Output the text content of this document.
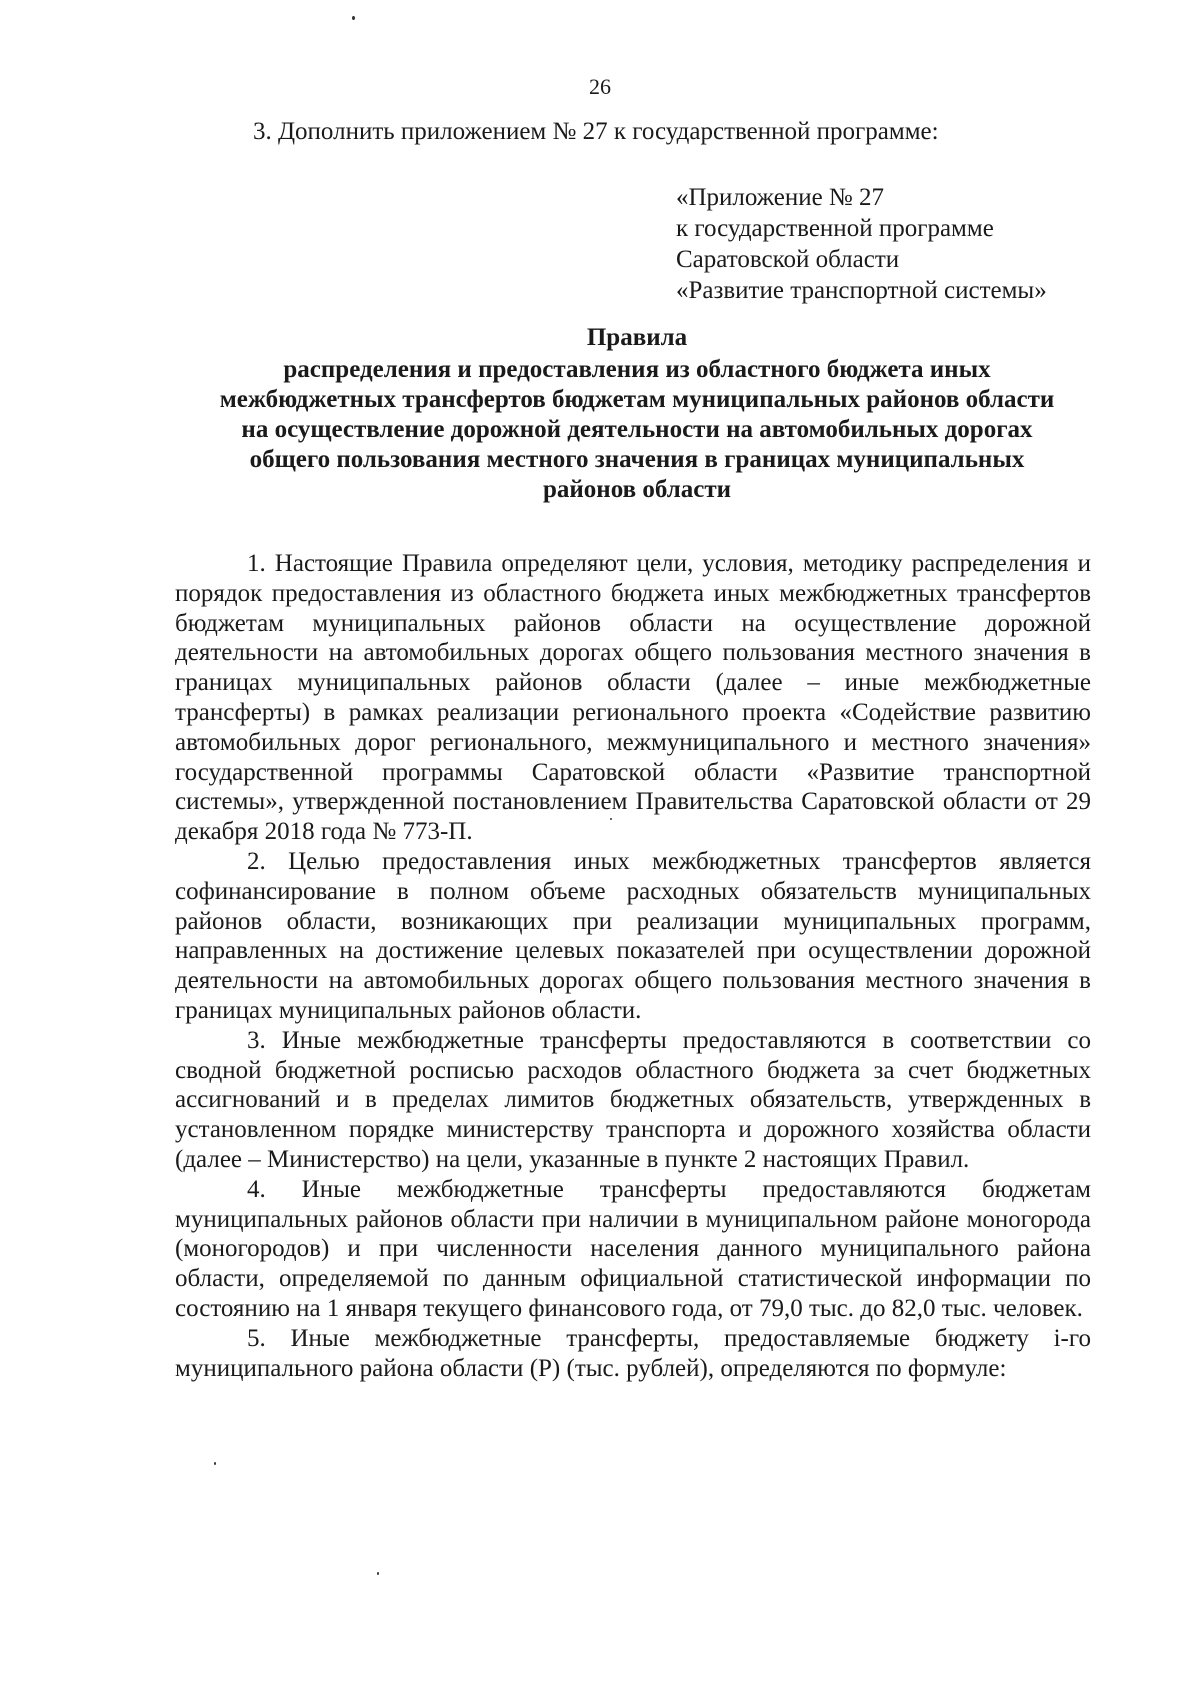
26
3. Дополнить приложением № 27 к государственной программе:
«Приложение № 27
к государственной программе
Саратовской области
«Развитие транспортной системы»
Правила
распределения и предоставления из областного бюджета иных
межбюджетных трансфертов бюджетам муниципальных районов области
на осуществление дорожной деятельности на автомобильных дорогах
общего пользования местного значения в границах муниципальных
районов области

1. Настоящие Правила определяют цели, условия, методику распределения и порядок предоставления из областного бюджета иных межбюджетных трансфертов бюджетам муниципальных районов области на осуществление дорожной деятельности на автомобильных дорогах общего пользования местного значения в границах муниципальных районов области (далее – иные межбюджетные трансферты) в рамках реализации регионального проекта «Содействие развитию автомобильных дорог регионального, межмуниципального и местного значения» государственной программы Саратовской области «Развитие транспортной системы», утвержденной постановлением Правительства Саратовской области от 29 декабря 2018 года № 773-П.

2. Целью предоставления иных межбюджетных трансфертов является софинансирование в полном объеме расходных обязательств муниципальных районов области, возникающих при реализации муниципальных программ, направленных на достижение целевых показателей при осуществлении дорожной деятельности на автомобильных дорогах общего пользования местного значения в границах муниципальных районов области.

3. Иные межбюджетные трансферты предоставляются в соответствии со сводной бюджетной росписью расходов областного бюджета за счет бюджетных ассигнований и в пределах лимитов бюджетных обязательств, утвержденных в установленном порядке министерству транспорта и дорожного хозяйства области (далее – Министерство) на цели, указанные в пункте 2 настоящих Правил.

4. Иные межбюджетные трансферты предоставляются бюджетам муниципальных районов области при наличии в муниципальном районе моногорода (моногородов) и при численности населения данного муниципального района области, определяемой по данным официальной статистической информации по состоянию на 1 января текущего финансового года, от 79,0 тыс. до 82,0 тыс. человек.

5. Иные межбюджетные трансферты, предоставляемые бюджету i-го муниципального района области (P) (тыс. рублей), определяются по формуле:
